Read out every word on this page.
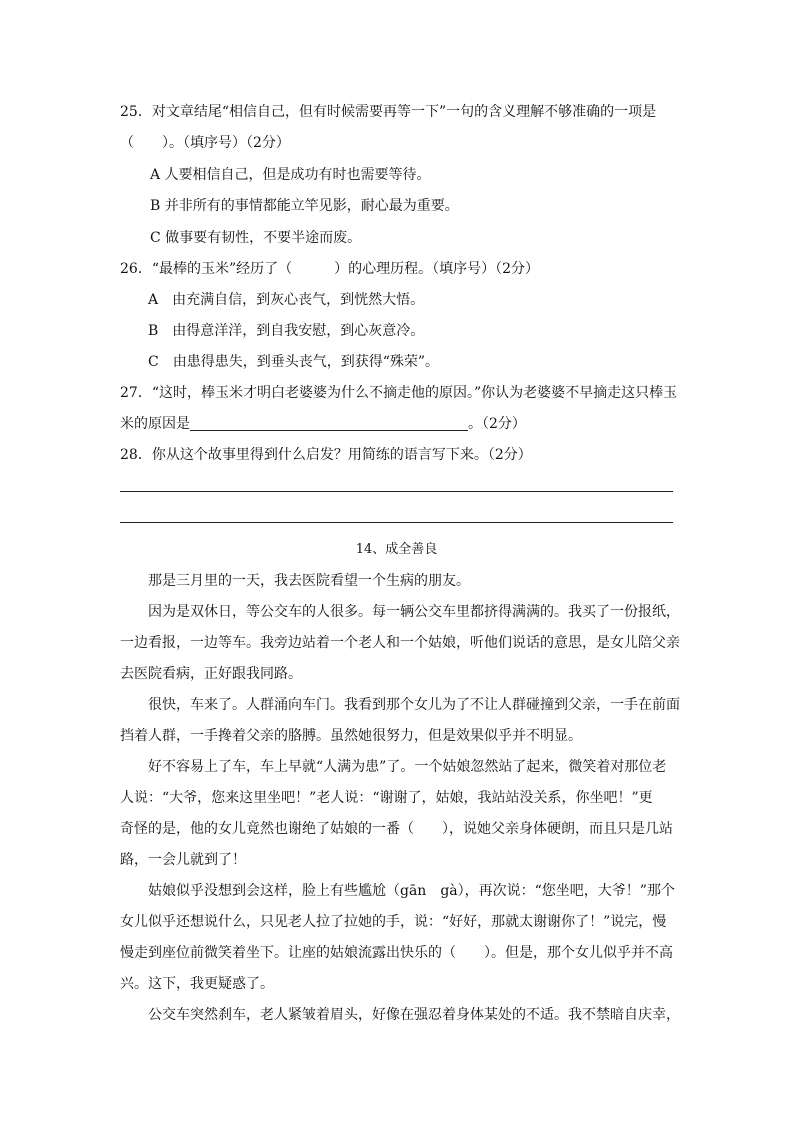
25．对文章结尾“相信自己，但有时候需要再等一下”一句的含义理解不够准确的一项是
（　　）。（填序号）（2分）
A 人要相信自己，但是成功有时也需要等待。
B 并非所有的事情都能立竿见影，耐心最为重要。
C 做事要有韧性，不要半途而废。
26．“最棒的玉米”经历了（　　　）的心理历程。（填序号）（2分）
A　由充满自信，到灰心丧气，到恍然大悟。
B　由得意洋洋，到自我安慰，到心灰意冷。
C　由患得患失，到垂头丧气，到获得“殊荣”。
27．“这时，棒玉米才明白老婆婆为什么不摘走他的原因。”你认为老婆婆不早摘走这只棒玉
米的原因是	。（2分）
28．你从这个故事里得到什么启发？用简练的语言写下来。（2分）
14、成全善良
那是三月里的一天，我去医院看望一个生病的朋友。
因为是双休日，等公交车的人很多。每一辆公交车里都挤得满满的。我买了一份报纸，
一边看报，一边等车。我旁边站着一个老人和一个姑娘，听他们说话的意思，是女儿陪父亲
去医院看病，正好跟我同路。
很快，车来了。人群涌向车门。我看到那个女儿为了不让人群碰撞到父亲，一手在前面
挡着人群，一手搀着父亲的胳膊。虽然她很努力，但是效果似乎并不明显。
好不容易上了车，车上早就“人满为患”了。一个姑娘忽然站了起来，微笑着对那位老
人说：“大爷，您来这里坐吧！”老人说：“谢谢了，姑娘，我站站没关系，你坐吧！”更
奇怪的是，他的女儿竟然也谢绝了姑娘的一番（　　），说她父亲身体硬朗，而且只是几站
路，一会儿就到了！
姑娘似乎没想到会这样，脸上有些尴尬（gān　gà），再次说：“您坐吧，大爷！”那个
女儿似乎还想说什么，只见老人拉了拉她的手，说：“好好，那就太谢谢你了！”说完，慢
慢走到座位前微笑着坐下。让座的姑娘流露出快乐的（　　）。但是，那个女儿似乎并不高
兴。这下，我更疑惑了。
公交车突然刹车，老人紧皱着眉头，好像在强忍着身体某处的不适。我不禁暗自庆幸，
